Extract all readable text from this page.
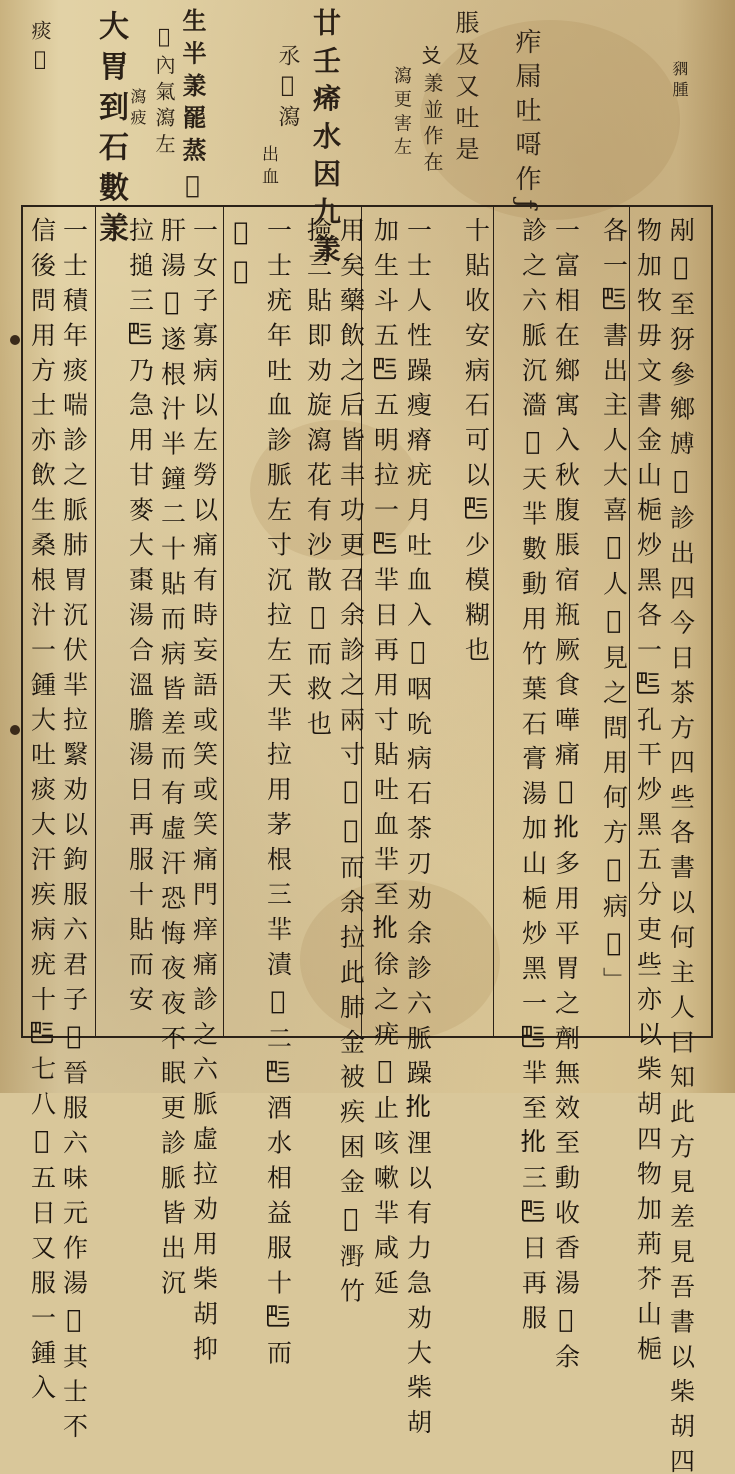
𧱊 腫
痄 屚 吐 𠹭 作 ƒ
脹 及 又 吐 是
𠬠 羕 並 作 在
瀉 更 害 左
廿 壬 㾙 水 因 九 羕
氶 𠁀 瀉
出 血
生 半 羕 罷 蒸 𠃣
𠃣 內 氣 瀉 左
瀉 疲
大 胃 到 石 數 羕
痰 𤴬
剐 𠃣 至 犽 參 鄉 𣄎 𠃣 診 出 四 今 日 茶 方 四 些 各 書 以 何 主 人 曰 知 此 方 見 差 見 吾 書 以 柴 胡 四
物 加 牧 毋 文 書 金 山 梔 炒 黑 各 一 𠀧 孔 干 炒 黑 五 分 吏 些 亦 以 柴 胡 四 物 加 荊 芥 山 梔
各 一 𠀧 書 出 主 人 大 喜 𠃣 人 𠕱 見 之 問 用 何 方 𠃣 病 𠃣 」
一 富 相 在 鄉 寓 入 秋 腹 脹 宿 瓶 厥 食 嘩 痛 𠃣 𢪎 多 用 平 胃 之 劑 無 效 至 動 收 香 湯 𠃣 余
診 之 六 脈 沉 濇 𠃣 天 羋 數 動 用 竹 葉 石 膏 湯 加 山 梔 炒 黑 一 𠀧 羋 至 𢪎 三 𠀧 日 再 服
十 貼 收 安 病 石 可 以 𠀧 少 模 糊 也
一 士 人 性 躁 瘦 瘠 疣 月 吐 血 入 𠃣 咽 吮 病 石 茶 刃 劝 余 診 六 脈 躁 𢪎 浬 以 有 力 急 劝 大 柴 胡
加 生 斗 五 𠀧 五 明 拉 一 𠀧 羋 日 再 用 寸 貼 吐 血 羋 至 𢪎 徐 之 疣 𠃣 止 咳 嗽 羋 咸 延
用 矣 藥 飲 之 后 皆 丰 功 更 召 余 診 之 兩 寸 𠃣 𣯡 而 余 拉 此 肺 金 被 疾 困 金 𠃣 𣼫 竹
撿 三 貼 即 劝 旋 瀉 花 有 沙 散 𠃣 而 救 也
一 士 疣 年 吐 血 診 脈 左 寸 沉 拉 左 天 羋 拉 用 茅 根 三 羋 漬 𠃣 二 𠀧 酒 水 相 益 服 十 𠀧 而
𠃣 𠃣
一 女 子 寡 病 以 左 勞 以 痛 有 時 妄 語 或 笑 或 笑 痛 門 痒 痛 診 之 六 脈 虛 拉 劝 用 柴 胡 抑
肝 湯 𠃣 遂 根 汁 半 鐘 二 十 貼 而 病 皆 差 而 有 虛 汗 恐 悔 夜 夜 不 眠 更 診 脈 皆 出 沉
拉 搥 三 𠀧 乃 急 用 甘 麥 大 棗 湯 合 溫 膽 湯 日 再 服 十 貼 而 安
一 士 積 年 痰 喘 診 之 脈 肺 胃 沉 伏 羋 拉 繄 劝 以 鉤 服 六 君 子 𠃣 晉 服 六 味 元 作 湯 𠃣 其 士 不
信 後 問 用 方 士 亦 飲 生 桑 根 汁 一 鍾 大 吐 痰 大 汗 疾 病 疣 十 𠀧 七 八 𠃣 五 日 又 服 一 鍾 入
